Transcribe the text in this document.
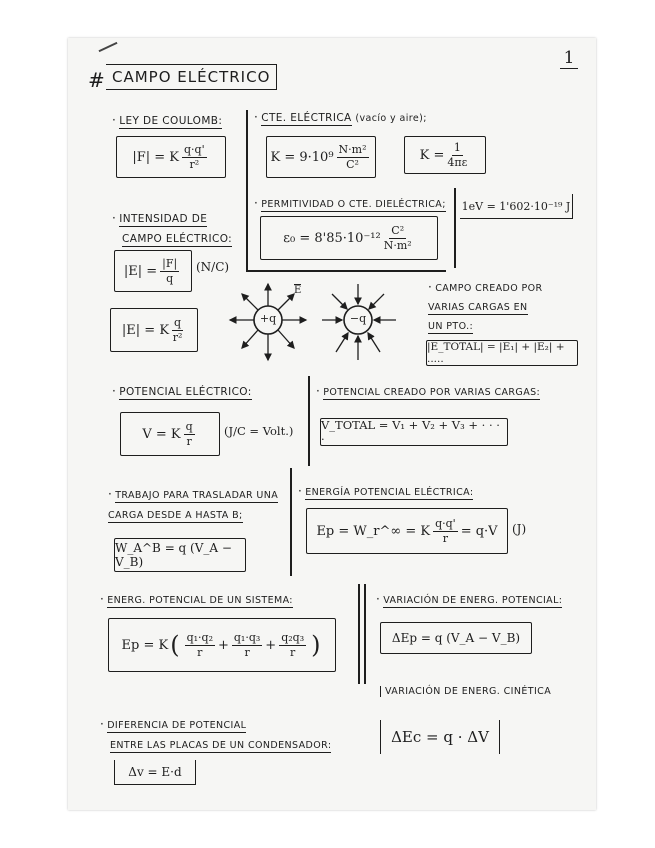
1
# CAMPO ELÉCTRICO
· LEY DE COULOMB:
|F| = K $\frac{q\cdot q'}{\text{r²}}$
· CTE. ELÉCTRICA (vacío y aire);
$K = 9\cdot 10^9 \frac{\text{N·m²}}{\text{C²}}$	$K = \frac{1}{4\pi\varepsilon}$
· PERMITIVIDAD O CTE. DIELÉCTRICA;
$\varepsilon_0 = 8'85\cdot 10^{-12} \frac{\text{C²}}{\text{N·m²}}$
1eV = 1'602·10⁻¹⁹ J
· INTENSIDAD DE
CAMPO ELÉCTRICO:
$|E| = \frac{|F|}{q} (N/C)$
|E| = K $\frac{q}{\text{r²}}$	+q	−q
E	· CAMPO CREADO POR
VARIAS CARGAS EN
UN PTO.:
|E_TOTAL| = |E₁| + |E₂| + .....
· POTENCIAL ELÉCTRICO:
V = K $\frac{q}{r}$	(J/C = Volt.)
· POTENCIAL CREADO POR VARIAS CARGAS:
V_TOTAL = V₁ + V₂ + V₃ + · · · ·
· TRABAJO PARA TRASLADAR UNA
CARGA DESDE A HASTA B;
W_A^B = q (V_A − V_B)
· ENERGÍA POTENCIAL ELÉCTRICA:
Ep = W_r^∞ = K $\frac{q\cdot q'}{r} = q\cdot V$ (J)
· ENERG. POTENCIAL DE UN SISTEMA:
Ep = K ( $\frac{\text{q₁·q₂}}{r} + \frac{\text{q₁·q₃}}{r} + \frac{\text{q₂q₃}}{r}$ )
· VARIACIÓN DE ENERG. POTENCIAL:
ΔEp = q (V_A − V_B)
VARIACIÓN DE ENERG. CINÉTICA
· DIFERENCIA DE POTENCIAL
ENTRE LAS PLACAS DE UN CONDENSADOR:
Δv = E·d
ΔEc = q · ΔV
